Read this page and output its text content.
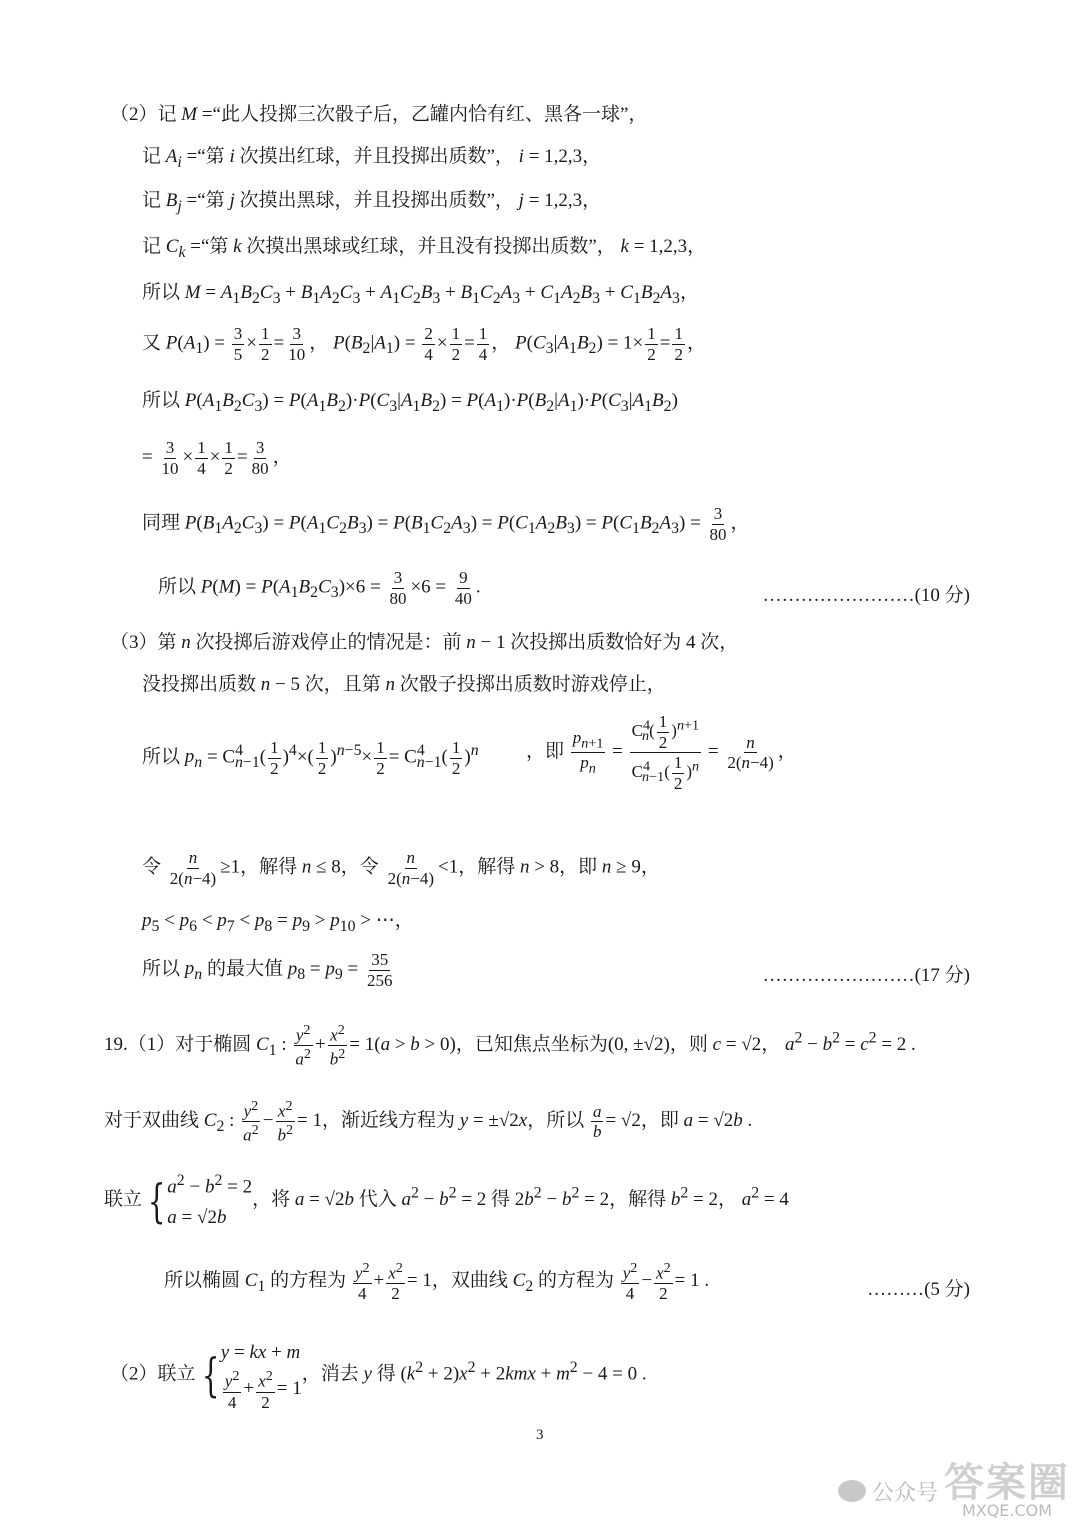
（2）记 M =“此人投掷三次骰子后，乙罐内恰有红、黑各一球”，
记 $A_i$ =“第 i 次摸出红球，并且投掷出质数”， i = 1,2,3，
记 $B_j$ =“第 j 次摸出黑球，并且投掷出质数”， j = 1,2,3，
记 $C_k$ =“第 k 次摸出黑球或红球，并且没有投掷出质数”， k = 1,2,3，
所以 $M = A_1B_2C_3 + B_1A_2C_3 + A_1C_2B_3 + B_1C_2A_3 + C_1A_2B_3 + C_1B_2A_3$，
又 $P(A_1) = \frac{3}{5} \times \frac{1}{2} = \frac{3}{10}$ ， $P(B_2|A_1) = \frac{2}{4} \times \frac{1}{2} = \frac{1}{4}$ ， $P(C_3|A_1B_2) = 1\times \frac{1}{2} = \frac{1}{2}$ ，
所以 $P(A_1B_2C_3) = P(A_1B_2)\cdot P(C_3|A_1B_2) = P(A_1)\cdot P(B_2|A_1)\cdot P(C_3|A_1B_2)$
= $\frac{3}{10} \times \frac{1}{4} \times \frac{1}{2} = \frac{3}{80}$ ，
同理 $P(B_1A_2C_3) = P(A_1C_2B_3) = P(B_1C_2A_3) = P(C_1A_2B_3) = P(C_1B_2A_3) = \frac{3}{80}$ ，
所以 $P(M) = P(A_1B_2C_3)\times 6 = \frac{3}{80} \times 6 = \frac{9}{40}$ .	……………………(10 分)
（3）第 n 次投掷后游戏停止的情况是：前 n − 1 次投掷出质数恰好为 4 次，
没投掷出质数 n − 5 次，且第 n 次骰子投掷出质数时游戏停止，
所以 $p_n = C^4_{n-1}( \frac{1}{2} )^4\times( \frac{1}{2} )^{n-5}\times \frac{1}{2} = C^4_{n-1}( \frac{1}{2} )^n$ ，即 $\frac{p_{n+1}}{p_n} = \frac{C^4_n( \frac{1}{2} )^{n+1}}{C^4_{n-1}( \frac{1}{2} )^n} = \frac{n}{2(n-4)}$ ，
令 $\frac{n}{2(n-4)} \ge 1$，解得 n ≤ 8，令 $\frac{n}{2(n-4)} <1$，解得 n > 8，即 n ≥ 9，
$p_5 < p_6 < p_7 < p_8 = p_9 > p_{10}$ > ⋯，
所以 $p_n$ 的最大值 $p_8 = p_9 = \frac{35}{256}$	……………………(17 分)
19.（1）对于椭圆 $C_1$ : $\frac{y^2}{a^2} + \frac{x^2}{b^2} = 1(a > b > 0)$，已知焦点坐标为(0, ±√2)，则 c = √2， $a^2 - b^2 = c^2 = 2$ .
对于双曲线 $C_2$ : $\frac{y^2}{a^2} - \frac{x^2}{b^2} = 1$，渐近线方程为 y = ±√2x，所以 $\frac{a}{b} = √2$，即 a = √2b .
联立 { $a^2 - b^2 = 2$
a = √2b
，将 a = √2b 代入 $a^2 - b^2 = 2$ 得 $2b^2 - b^2 = 2$，解得 $b^2 = 2$， $a^2 = 4$
所以椭圆 $C_1$ 的方程为 $\frac{y^2}{4} + \frac{x^2}{2} = 1$，双曲线 $C_2$ 的方程为 $\frac{y^2}{4} - \frac{x^2}{2} = 1$ .	………(5 分)
（2）联立 { y = kx + m
$\frac{y^2}{4} + \frac{x^2}{2} = 1$
，消去 y 得 $(k^2 + 2)x^2 + 2kmx + m^2 - 4 = 0$ .
3
公众号 答案圈
MXQE.COM
